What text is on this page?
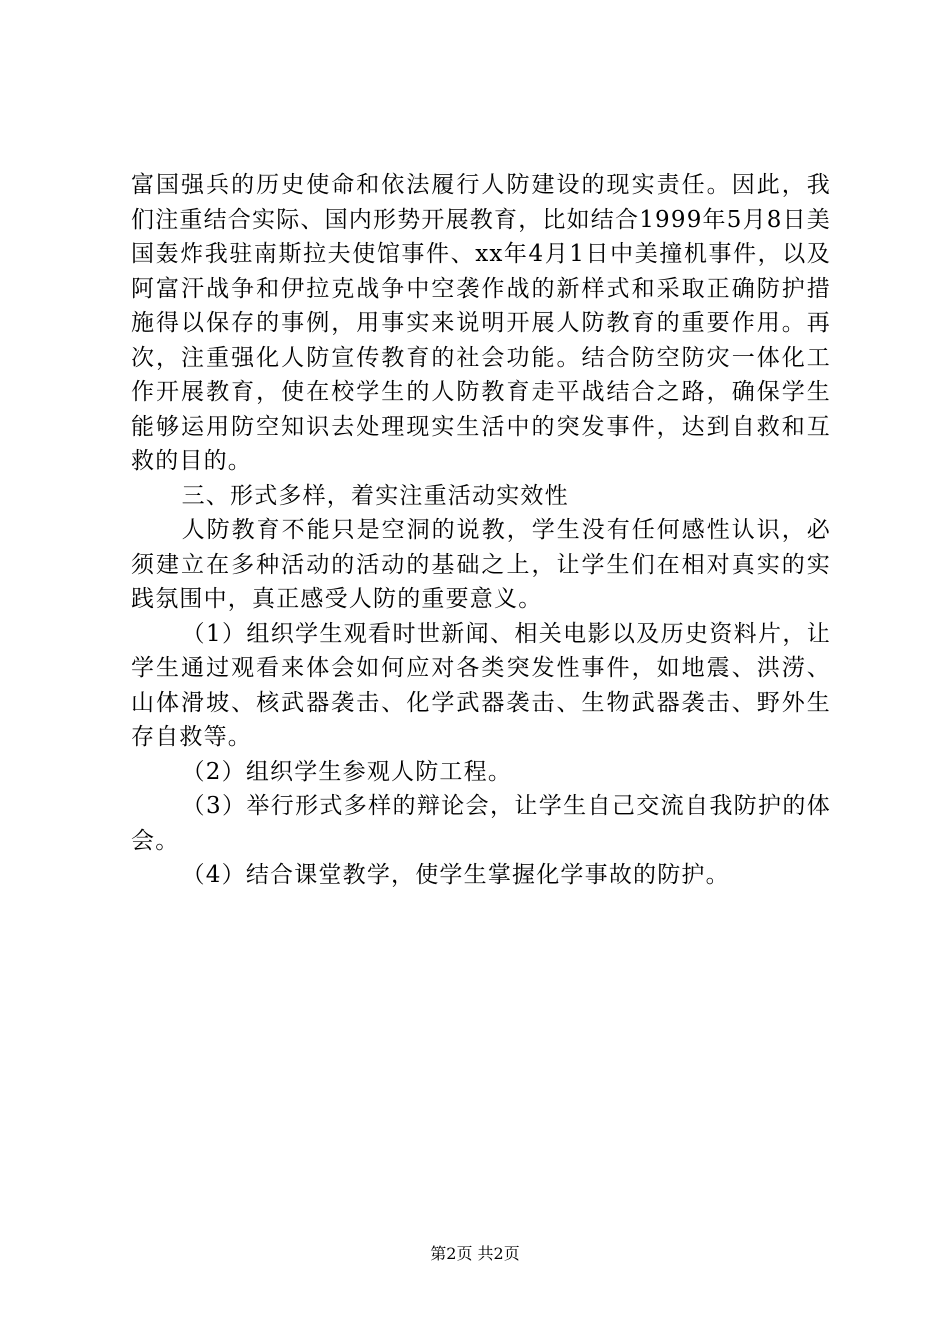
富国强兵的历史使命和依法履行人防建设的现实责任。因此，我们注重结合实际、国内形势开展教育，比如结合1999年5月8日美国轰炸我驻南斯拉夫使馆事件、xx年4月1日中美撞机事件，以及阿富汗战争和伊拉克战争中空袭作战的新样式和采取正确防护措施得以保存的事例，用事实来说明开展人防教育的重要作用。再次，注重强化人防宣传教育的社会功能。结合防空防灾一体化工作开展教育，使在校学生的人防教育走平战结合之路，确保学生能够运用防空知识去处理现实生活中的突发事件，达到自救和互救的目的。

三、形式多样，着实注重活动实效性

人防教育不能只是空洞的说教，学生没有任何感性认识，必须建立在多种活动的活动的基础之上，让学生们在相对真实的实践氛围中，真正感受人防的重要意义。

（1）组织学生观看时世新闻、相关电影以及历史资料片，让学生通过观看来体会如何应对各类突发性事件，如地震、洪涝、山体滑坡、核武器袭击、化学武器袭击、生物武器袭击、野外生存自救等。

（2）组织学生参观人防工程。

（3）举行形式多样的辩论会，让学生自己交流自我防护的体会。

（4）结合课堂教学，使学生掌握化学事故的防护。

第2页 共2页
